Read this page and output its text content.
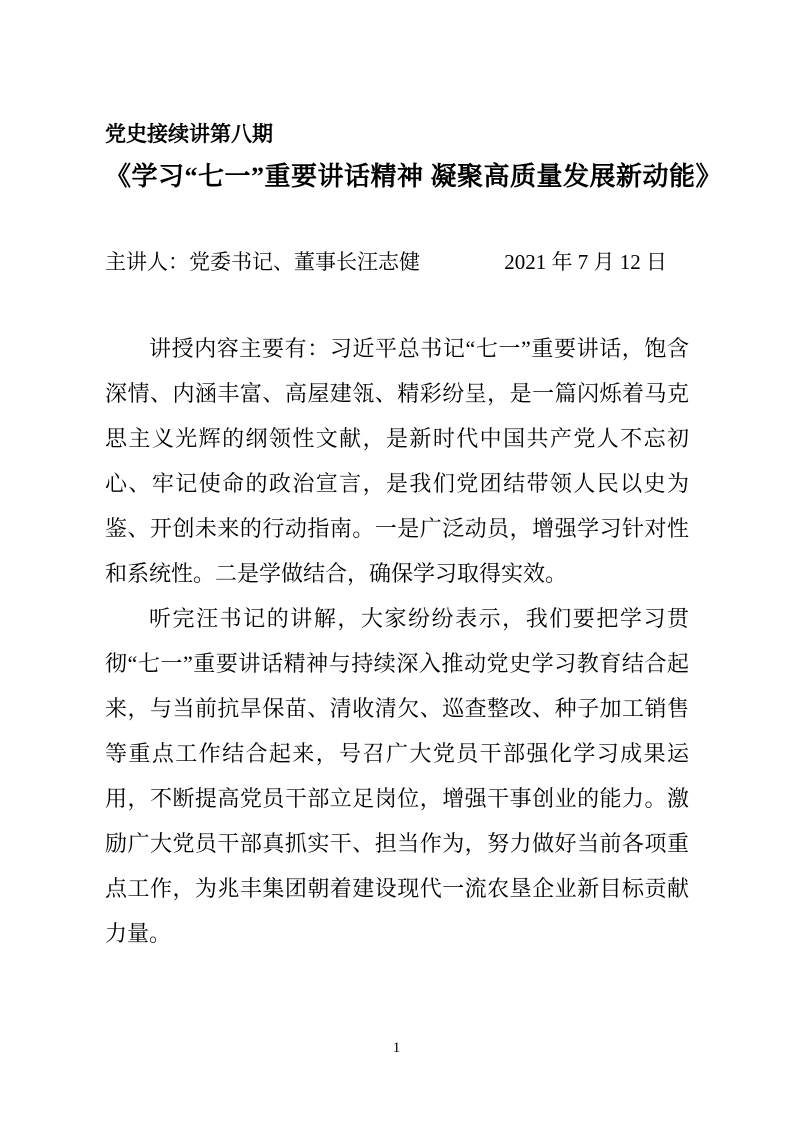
党史接续讲第八期
《学习“七一”重要讲话精神 凝聚高质量发展新动能》
主讲人：党委书记、董事长汪志健	2021 年 7 月 12 日

讲授内容主要有：习近平总书记“七一”重要讲话，饱含深情、内涵丰富、高屋建瓴、精彩纷呈，是一篇闪烁着马克思主义光辉的纲领性文献，是新时代中国共产党人不忘初心、牢记使命的政治宣言，是我们党团结带领人民以史为鉴、开创未来的行动指南。一是广泛动员，增强学习针对性和系统性。二是学做结合，确保学习取得实效。

听完汪书记的讲解，大家纷纷表示，我们要把学习贯彻“七一”重要讲话精神与持续深入推动党史学习教育结合起来，与当前抗旱保苗、清收清欠、巡查整改、种子加工销售等重点工作结合起来，号召广大党员干部强化学习成果运用，不断提高党员干部立足岗位，增强干事创业的能力。激励广大党员干部真抓实干、担当作为，努力做好当前各项重点工作，为兆丰集团朝着建设现代一流农垦企业新目标贡献力量。

1
